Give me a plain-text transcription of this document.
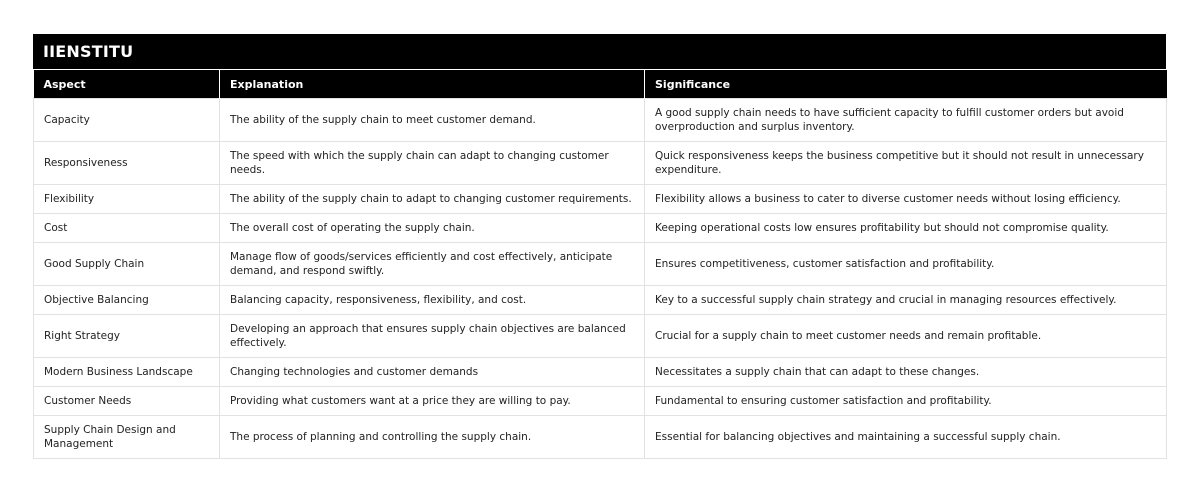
IIENSTITU
Aspect	Explanation	Significance
Capacity	The ability of the supply chain to meet customer demand.	A good supply chain needs to have sufficient capacity to fulfill customer orders but avoid overproduction and surplus inventory.
Responsiveness	The speed with which the supply chain can adapt to changing customer needs.	Quick responsiveness keeps the business competitive but it should not result in unnecessary expenditure.
Flexibility	The ability of the supply chain to adapt to changing customer requirements.	Flexibility allows a business to cater to diverse customer needs without losing efficiency.
Cost	The overall cost of operating the supply chain.	Keeping operational costs low ensures profitability but should not compromise quality.
Good Supply Chain	Manage flow of goods/services efficiently and cost effectively, anticipate demand, and respond swiftly.	Ensures competitiveness, customer satisfaction and profitability.
Objective Balancing	Balancing capacity, responsiveness, flexibility, and cost.	Key to a successful supply chain strategy and crucial in managing resources effectively.
Right Strategy	Developing an approach that ensures supply chain objectives are balanced effectively.	Crucial for a supply chain to meet customer needs and remain profitable.
Modern Business Landscape	Changing technologies and customer demands	Necessitates a supply chain that can adapt to these changes.
Customer Needs	Providing what customers want at a price they are willing to pay.	Fundamental to ensuring customer satisfaction and profitability.
Supply Chain Design and Management	The process of planning and controlling the supply chain.	Essential for balancing objectives and maintaining a successful supply chain.
